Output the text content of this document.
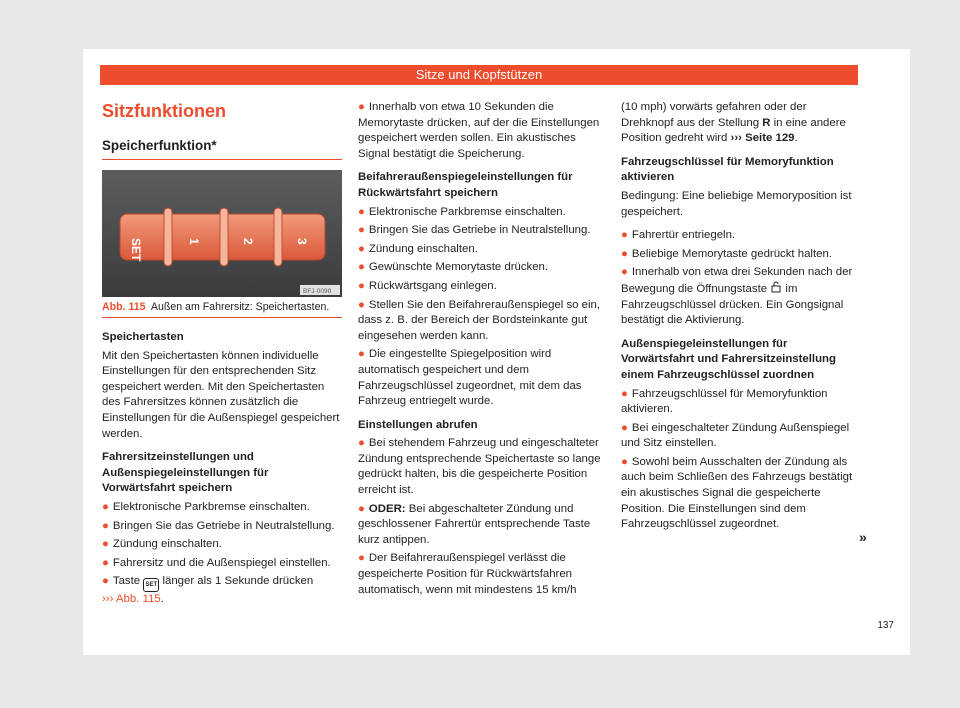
Sitze und Kopfstützen
Sitzfunktionen
Speicherfunktion*
SET	1	2	3
BFJ-0090
Abb. 115 Außen am Fahrersitz: Speichertasten.

Speichertasten

Mit den Speichertasten können individuelle Einstellungen für den entsprechenden Sitz gespeichert werden. Mit den Speichertasten des Fahrersitzes können zusätzlich die Einstellungen für die Außenspiegel gespeichert werden.

Fahrersitzeinstellungen und Außenspiegeleinstellungen für Vorwärtsfahrt speichern

● Elektronische Parkbremse einschalten.

● Bringen Sie das Getriebe in Neutralstellung.

● Zündung einschalten.

● Fahrersitz und die Außenspiegel einstellen.

● Taste SET länger als 1 Sekunde drücken
››› Abb. 115.

● Innerhalb von etwa 10 Sekunden die Memorytaste drücken, auf der die Einstellungen gespeichert werden sollen. Ein akustisches Signal bestätigt die Speicherung.

Beifahreraußenspiegeleinstellungen für Rückwärtsfahrt speichern

● Elektronische Parkbremse einschalten.

● Bringen Sie das Getriebe in Neutralstellung.

● Zündung einschalten.

● Gewünschte Memorytaste drücken.

● Rückwärtsgang einlegen.

● Stellen Sie den Beifahreraußenspiegel so ein, dass z. B. der Bereich der Bordsteinkante gut eingesehen werden kann.

● Die eingestellte Spiegelposition wird automatisch gespeichert und dem Fahrzeugschlüssel zugeordnet, mit dem das Fahrzeug entriegelt wurde.

Einstellungen abrufen

● Bei stehendem Fahrzeug und eingeschalteter Zündung entsprechende Speichertaste so lange gedrückt halten, bis die gespeicherte Position erreicht ist.

● ODER: Bei abgeschalteter Zündung und geschlossener Fahrertür entsprechende Taste kurz antippen.

● Der Beifahreraußenspiegel verlässt die gespeicherte Position für Rückwärtsfahren automatisch, wenn mit mindestens 15 km/h

(10 mph) vorwärts gefahren oder der Drehknopf aus der Stellung R in eine andere Position gedreht wird ››› Seite 129.

Fahrzeugschlüssel für Memoryfunktion aktivieren

Bedingung: Eine beliebige Memoryposition ist gespeichert.

● Fahrertür entriegeln.

● Beliebige Memorytaste gedrückt halten.

● Innerhalb von etwa drei Sekunden nach der Bewegung die Öffnungstaste im Fahrzeugschlüssel drücken. Ein Gongsignal bestätigt die Aktivierung.

Außenspiegeleinstellungen für Vorwärtsfahrt und Fahrersitzeinstellung einem Fahrzeugschlüssel zuordnen

● Fahrzeugschlüssel für Memoryfunktion aktivieren.

● Bei eingeschalteter Zündung Außenspiegel und Sitz einstellen.

● Sowohl beim Ausschalten der Zündung als auch beim Schließen des Fahrzeugs bestätigt ein akustisches Signal die gespeicherte Position. Die Einstellungen sind dem Fahrzeugschlüssel zugeordnet.

»
137
